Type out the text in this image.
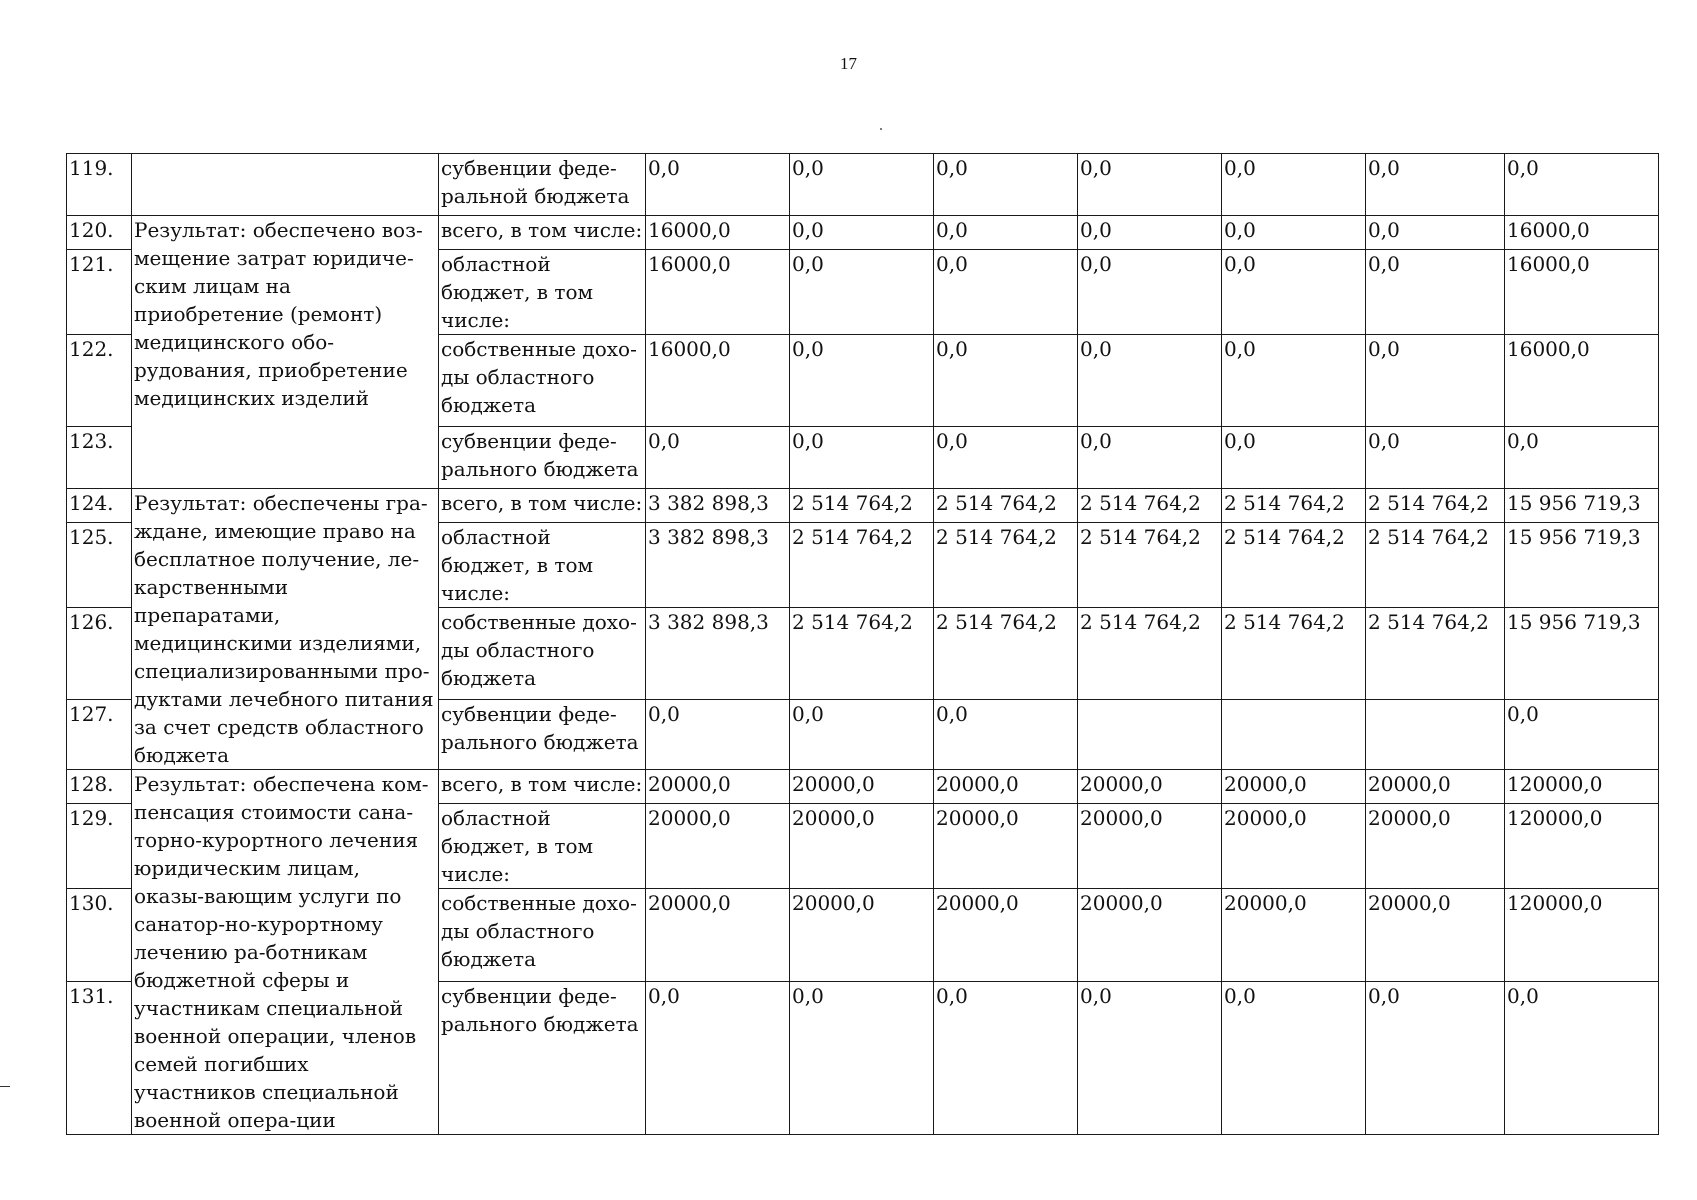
17
119.		субвенции феде-ральной бюджета	0,0	0,0	0,0	0,0	0,0	0,0	0,0
120.	Результат: обеспечено воз-мещение затрат юридиче-ским лицам на приобретение (ремонт) медицинского обо-рудования, приобретение медицинских изделий	всего, в том числе:	16000,0	0,0	0,0	0,0	0,0	0,0	16000,0
121.		областной бюджет, в том числе:	16000,0	0,0	0,0	0,0	0,0	0,0	16000,0
122.		собственные дохо-ды областного бюджета	16000,0	0,0	0,0	0,0	0,0	0,0	16000,0
123.		субвенции феде-рального бюджета	0,0	0,0	0,0	0,0	0,0	0,0	0,0
124.	Результат: обеспечены гра-ждане, имеющие право на бесплатное получение, ле-карственными препаратами, медицинскими изделиями, специализированными про-дуктами лечебного питания за счет средств областного бюджета	всего, в том числе:	3 382 898,3	2 514 764,2	2 514 764,2	2 514 764,2	2 514 764,2	2 514 764,2	15 956 719,3
125.		областной бюджет, в том числе:	3 382 898,3	2 514 764,2	2 514 764,2	2 514 764,2	2 514 764,2	2 514 764,2	15 956 719,3
126.		собственные дохо-ды областного бюджета	3 382 898,3	2 514 764,2	2 514 764,2	2 514 764,2	2 514 764,2	2 514 764,2	15 956 719,3
127.		субвенции феде-рального бюджета	0,0	0,0	0,0				0,0
128.	Результат: обеспечена ком-пенсация стоимости сана-торно-курортного лечения юридическим лицам, оказы-вающим услуги по санатор-но-курортному лечению ра-ботникам бюджетной сферы и участникам специальной военной операции, членов семей погибших участников специальной военной опера-ции	всего, в том числе:	20000,0	20000,0	20000,0	20000,0	20000,0	20000,0	120000,0
129.		областной бюджет, в том числе:	20000,0	20000,0	20000,0	20000,0	20000,0	20000,0	120000,0
130.		собственные дохо-ды областного бюджета	20000,0	20000,0	20000,0	20000,0	20000,0	20000,0	120000,0
131.		субвенции феде-рального бюджета	0,0	0,0	0,0	0,0	0,0	0,0	0,0
